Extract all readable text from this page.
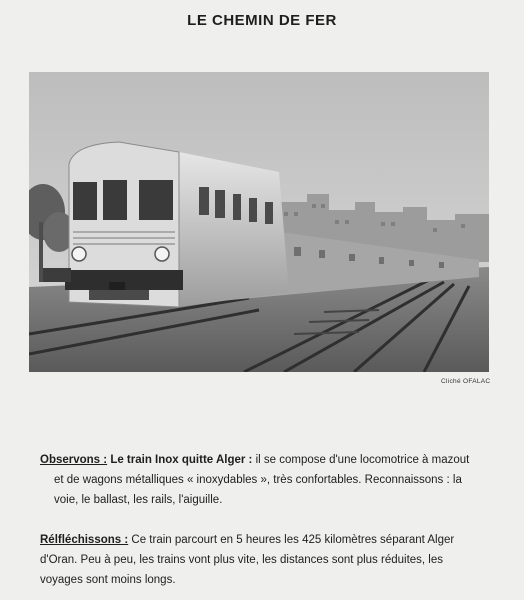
LE CHEMIN DE FER
Cliché OFALAC

Observons : Le train Inox quitte Alger : il se compose d'une locomotrice à mazout

et de wagons métalliques « inoxydables », très confortables. Reconnaissons : la

voie, le ballast, les rails, l'aiguille.

Rélfléchissons : Ce train parcourt en 5 heures les 425 kilomètres séparant Alger

d'Oran. Peu à peu, les trains vont plus vite, les distances sont plus réduites, les

voyages sont moins longs.
